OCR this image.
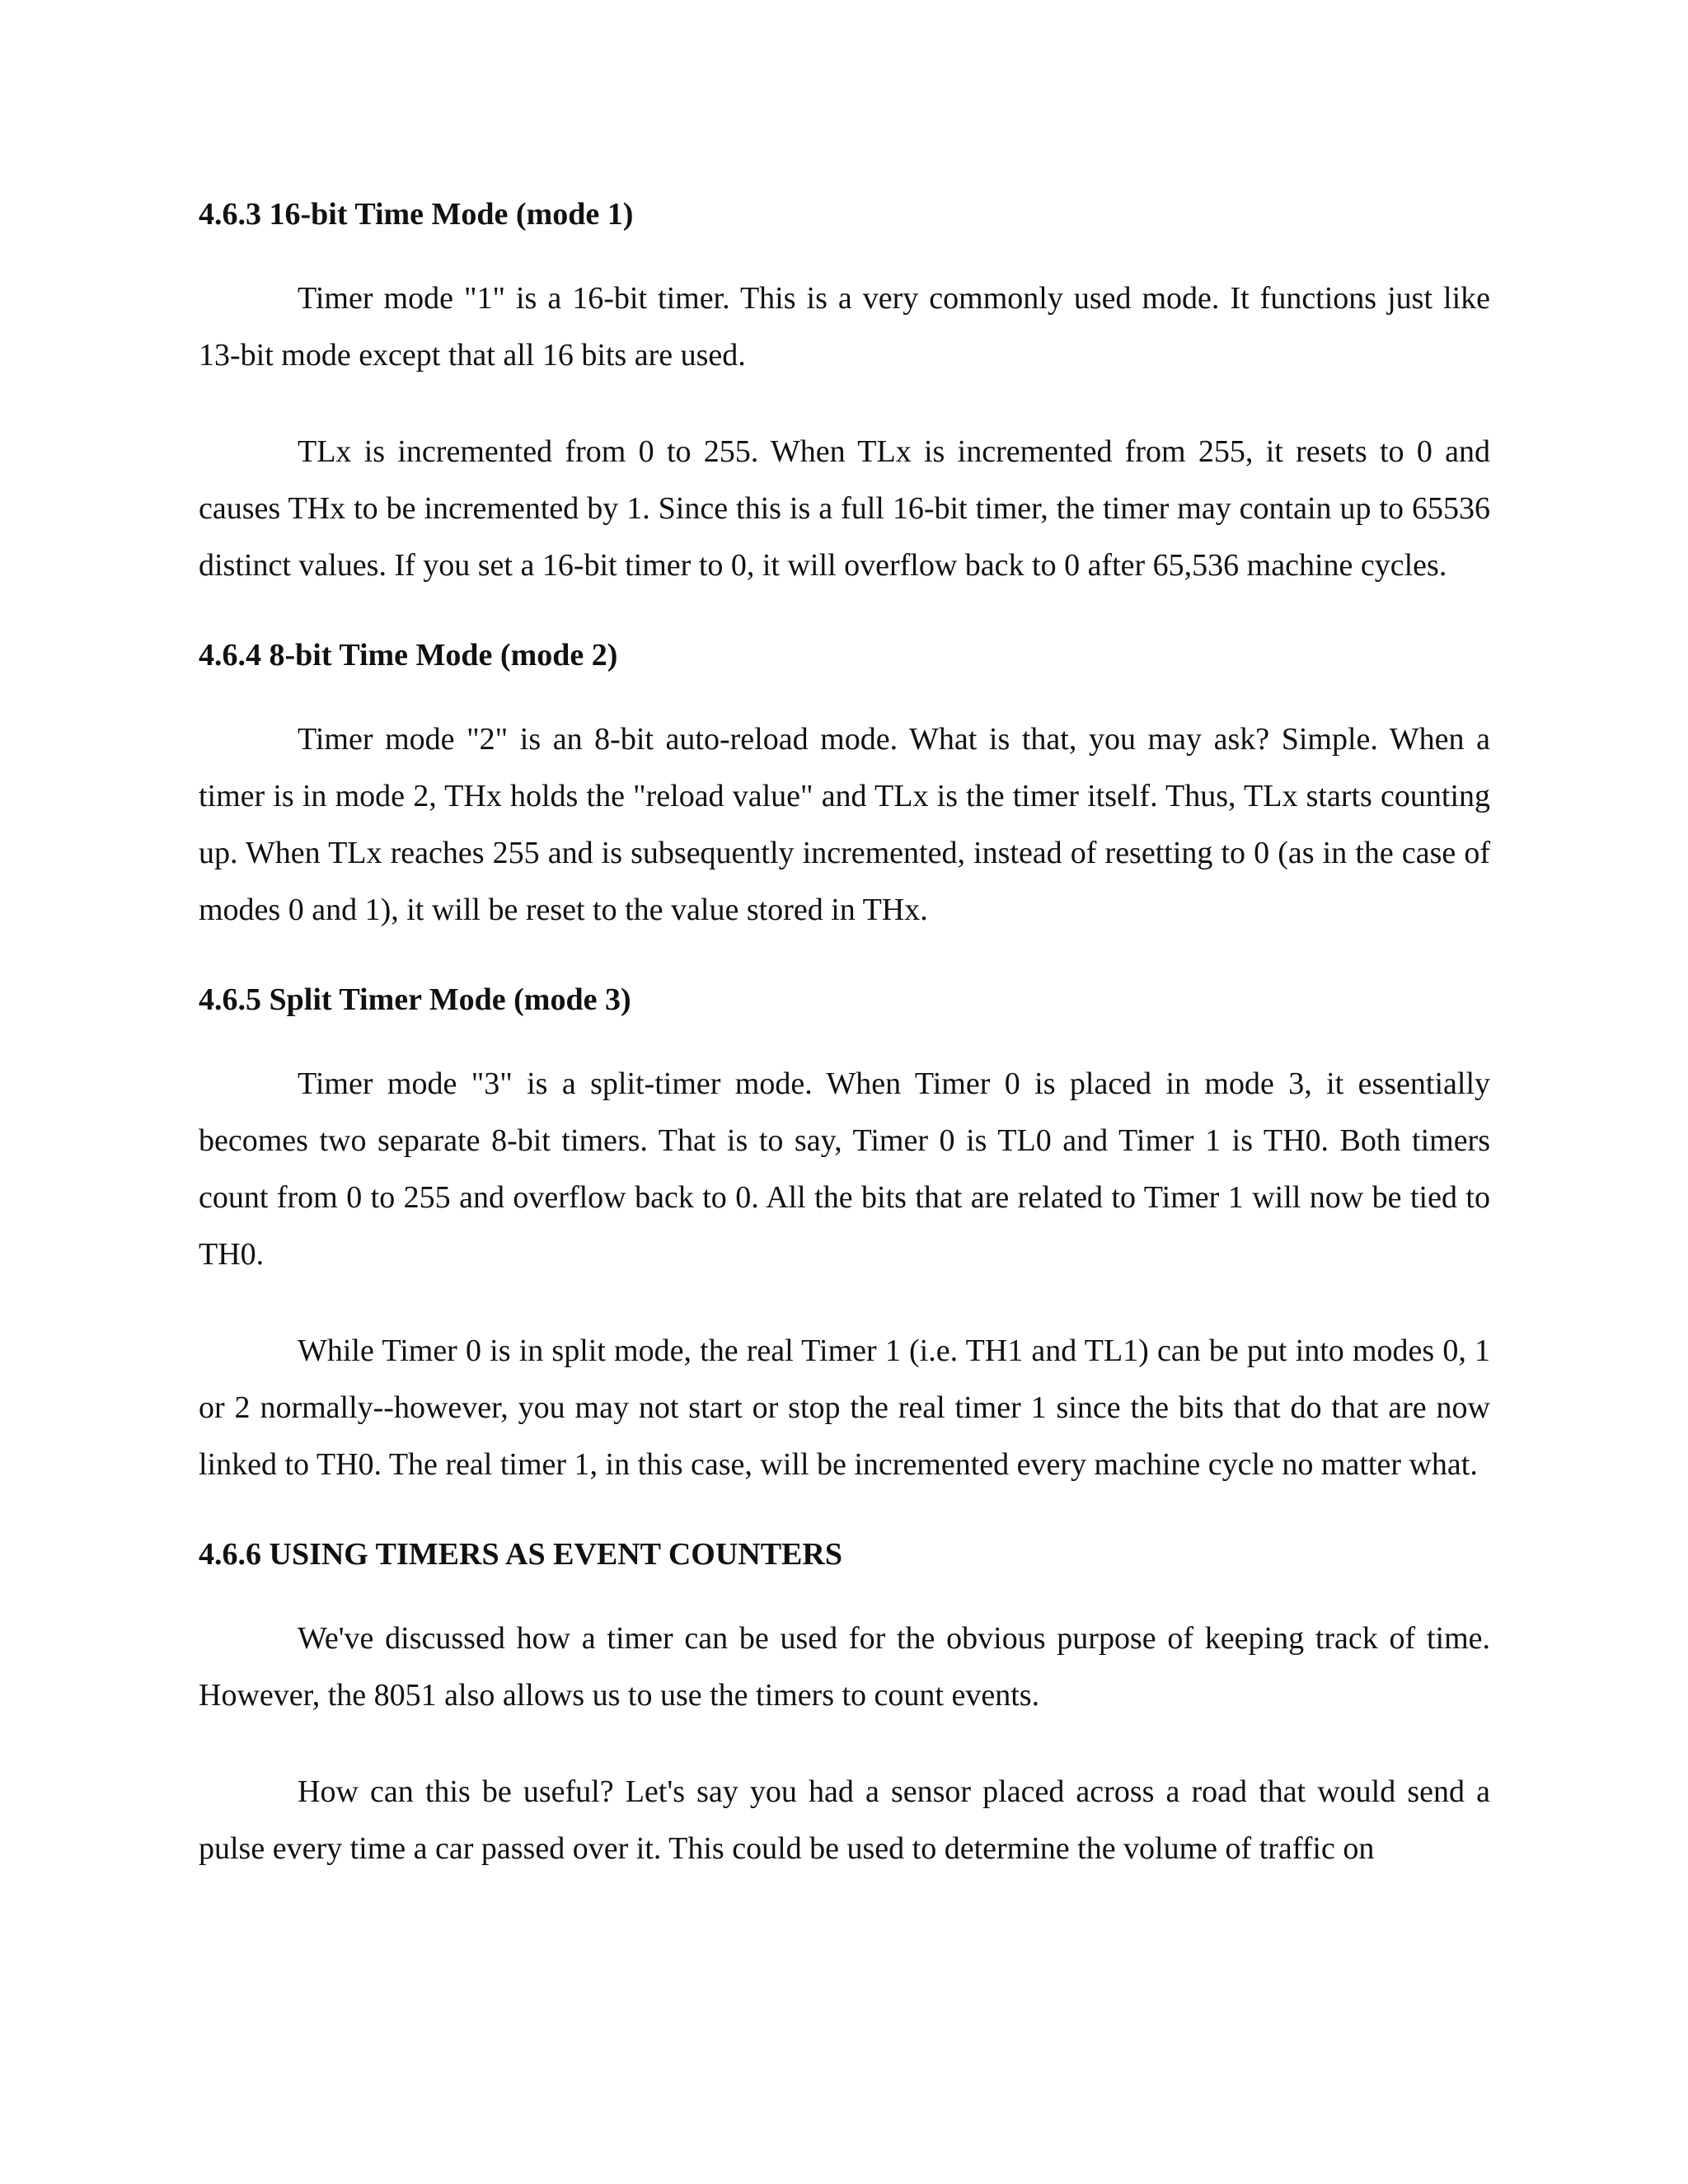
4.6.3 16-bit Time Mode (mode 1)

Timer mode "1" is a 16-bit timer. This is a very commonly used mode. It functions just like 13-bit mode except that all 16 bits are used.

TLx is incremented from 0 to 255. When TLx is incremented from 255, it resets to 0 and causes THx to be incremented by 1. Since this is a full 16-bit timer, the timer may contain up to 65536 distinct values. If you set a 16-bit timer to 0, it will overflow back to 0 after 65,536 machine cycles.

4.6.4 8-bit Time Mode (mode 2)

Timer mode "2" is an 8-bit auto-reload mode. What is that, you may ask? Simple. When a timer is in mode 2, THx holds the "reload value" and TLx is the timer itself. Thus, TLx starts counting up. When TLx reaches 255 and is subsequently incremented, instead of resetting to 0 (as in the case of modes 0 and 1), it will be reset to the value stored in THx.

4.6.5 Split Timer Mode (mode 3)

Timer mode "3" is a split-timer mode. When Timer 0 is placed in mode 3, it essentially becomes two separate 8-bit timers. That is to say, Timer 0 is TL0 and Timer 1 is TH0. Both timers count from 0 to 255 and overflow back to 0. All the bits that are related to Timer 1 will now be tied to TH0.

While Timer 0 is in split mode, the real Timer 1 (i.e. TH1 and TL1) can be put into modes 0, 1 or 2 normally--however, you may not start or stop the real timer 1 since the bits that do that are now linked to TH0. The real timer 1, in this case, will be incremented every machine cycle no matter what.

4.6.6 USING TIMERS AS EVENT COUNTERS

We've discussed how a timer can be used for the obvious purpose of keeping track of time. However, the 8051 also allows us to use the timers to count events.

How can this be useful? Let's say you had a sensor placed across a road that would send a pulse every time a car passed over it. This could be used to determine the volume of traffic on
